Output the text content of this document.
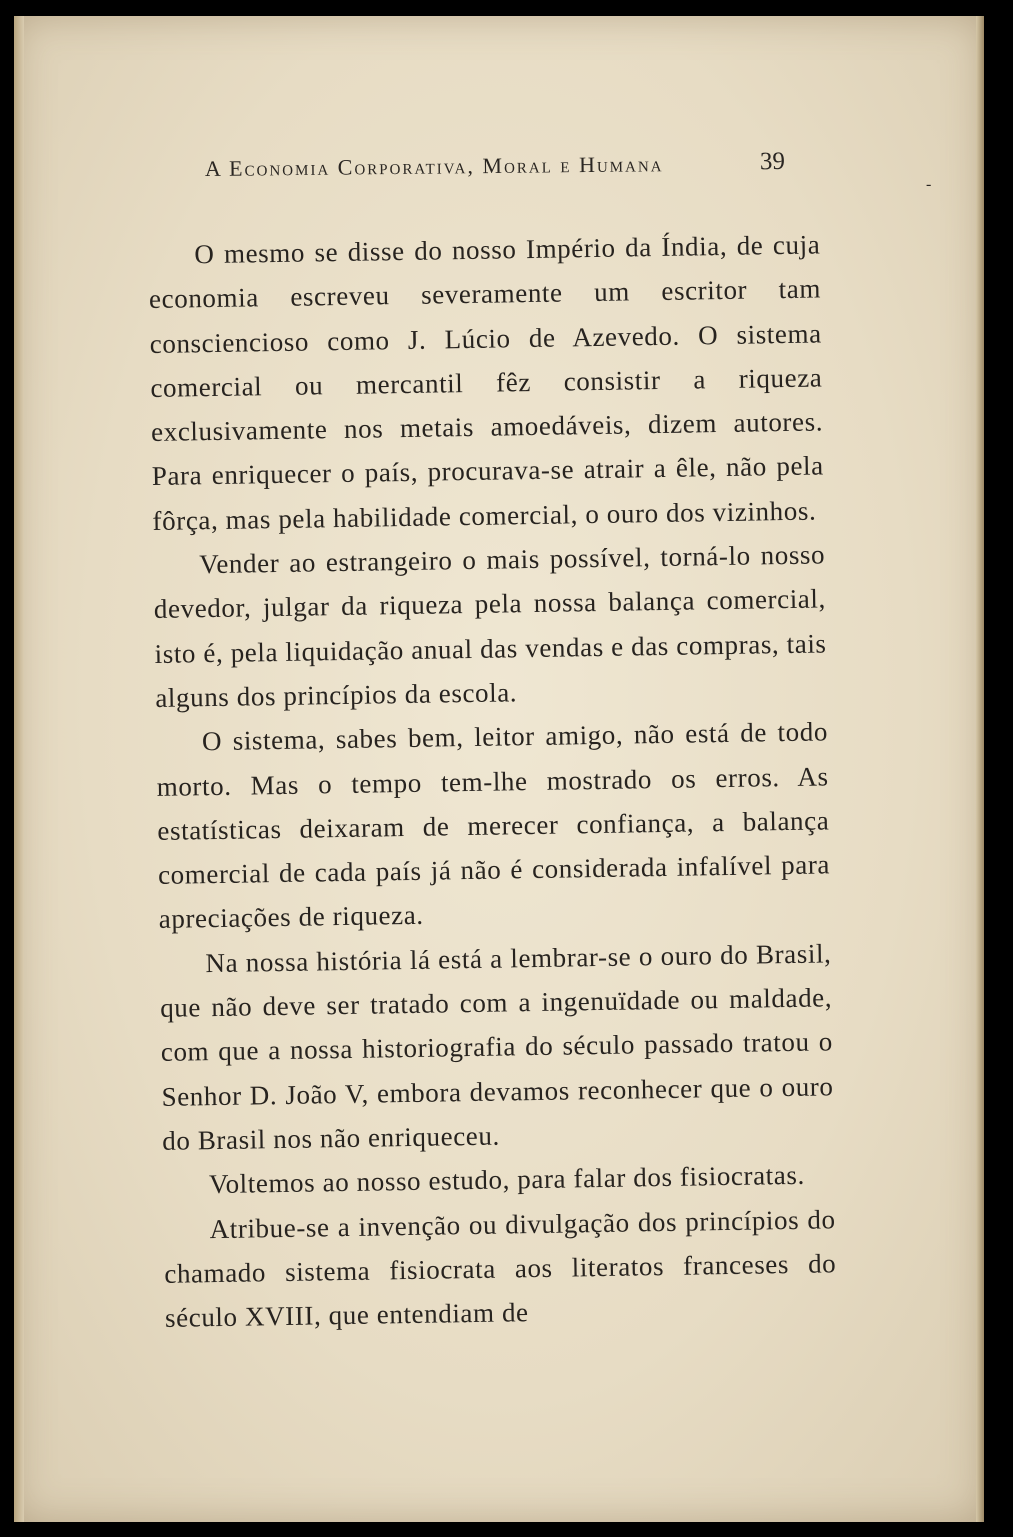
A Economia Corporativa, Moral e Humana	39
-

O mesmo se disse do nosso Império da Índia, de cuja economia escreveu severamente um escritor tam consciencioso como J. Lúcio de Azevedo. O sistema comercial ou mercantil fêz consistir a riqueza exclusivamente nos metais amoedáveis, dizem autores. Para enriquecer o país, procurava-se atrair a êle, não pela fôrça, mas pela habilidade comercial, o ouro dos vizinhos.

Vender ao estrangeiro o mais possível, torná-lo nosso devedor, julgar da riqueza pela nossa balança comercial, isto é, pela liquidação anual das vendas e das compras, tais alguns dos princípios da escola.

O sistema, sabes bem, leitor amigo, não está de todo morto. Mas o tempo tem-lhe mostrado os erros. As estatísticas deixaram de merecer confiança, a balança comercial de cada país já não é considerada infalível para apreciações de riqueza.

Na nossa história lá está a lembrar-se o ouro do Brasil, que não deve ser tratado com a ingenuïdade ou maldade, com que a nossa historiografia do século passado tratou o Senhor D. João V, embora devamos reconhecer que o ouro do Brasil nos não enriqueceu.

Voltemos ao nosso estudo, para falar dos fisiocratas.

Atribue-se a invenção ou divulgação dos princípios do chamado sistema fisiocrata aos literatos franceses do século XVIII, que entendiam de
